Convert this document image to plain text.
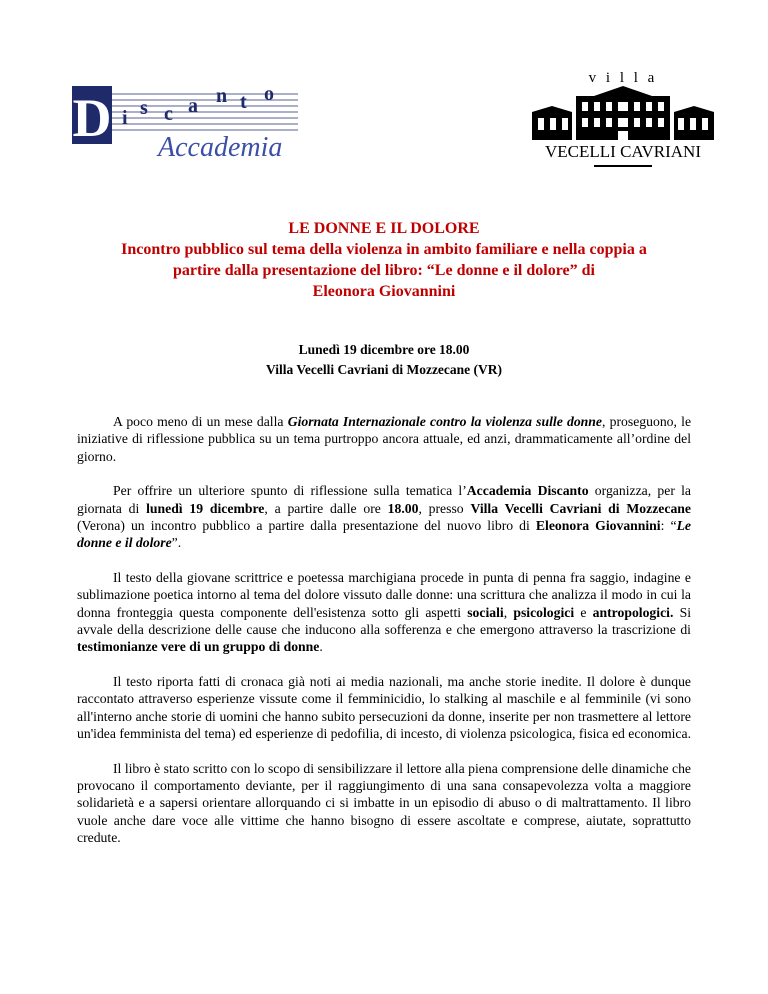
D i s c a n t o
Accademia
v i l l a
VECELLI CAVRIANI
LE DONNE E IL DOLORE
Incontro pubblico sul tema della violenza in ambito familiare e nella coppia a
partire dalla presentazione del libro: “Le donne e il dolore” di
Eleonora Giovannini
Lunedì 19 dicembre ore 18.00
Villa Vecelli Cavriani di Mozzecane (VR)

A poco meno di un mese dalla Giornata Internazionale contro la violenza sulle donne, proseguono, le iniziative di riflessione pubblica su un tema purtroppo ancora attuale, ed anzi, drammaticamente all’ordine del giorno.

Per offrire un ulteriore spunto di riflessione sulla tematica l’Accademia Discanto organizza, per la giornata di lunedì 19 dicembre, a partire dalle ore 18.00, presso Villa Vecelli Cavriani di Mozzecane (Verona) un incontro pubblico a partire dalla presentazione del nuovo libro di Eleonora Giovannini: “Le donne e il dolore”.

Il testo della giovane scrittrice e poetessa marchigiana procede in punta di penna fra saggio, indagine e sublimazione poetica intorno al tema del dolore vissuto dalle donne: una scrittura che analizza il modo in cui la donna fronteggia questa componente dell'esistenza sotto gli aspetti sociali, psicologici e antropologici. Si avvale della descrizione delle cause che inducono alla sofferenza e che emergono attraverso la trascrizione di testimonianze vere di un gruppo di donne.

Il testo riporta fatti di cronaca già noti ai media nazionali, ma anche storie inedite. Il dolore è dunque raccontato attraverso esperienze vissute come il femminicidio, lo stalking al maschile e al femminile (vi sono all'interno anche storie di uomini che hanno subito persecuzioni da donne, inserite per non trasmettere al lettore un'idea femminista del tema) ed esperienze di pedofilia, di incesto, di violenza psicologica, fisica ed economica.

Il libro è stato scritto con lo scopo di sensibilizzare il lettore alla piena comprensione delle dinamiche che provocano il comportamento deviante, per il raggiungimento di una sana consapevolezza volta a maggiore solidarietà e a sapersi orientare allorquando ci si imbatte in un episodio di abuso o di maltrattamento. Il libro vuole anche dare voce alle vittime che hanno bisogno di essere ascoltate e comprese, aiutate, soprattutto credute.
